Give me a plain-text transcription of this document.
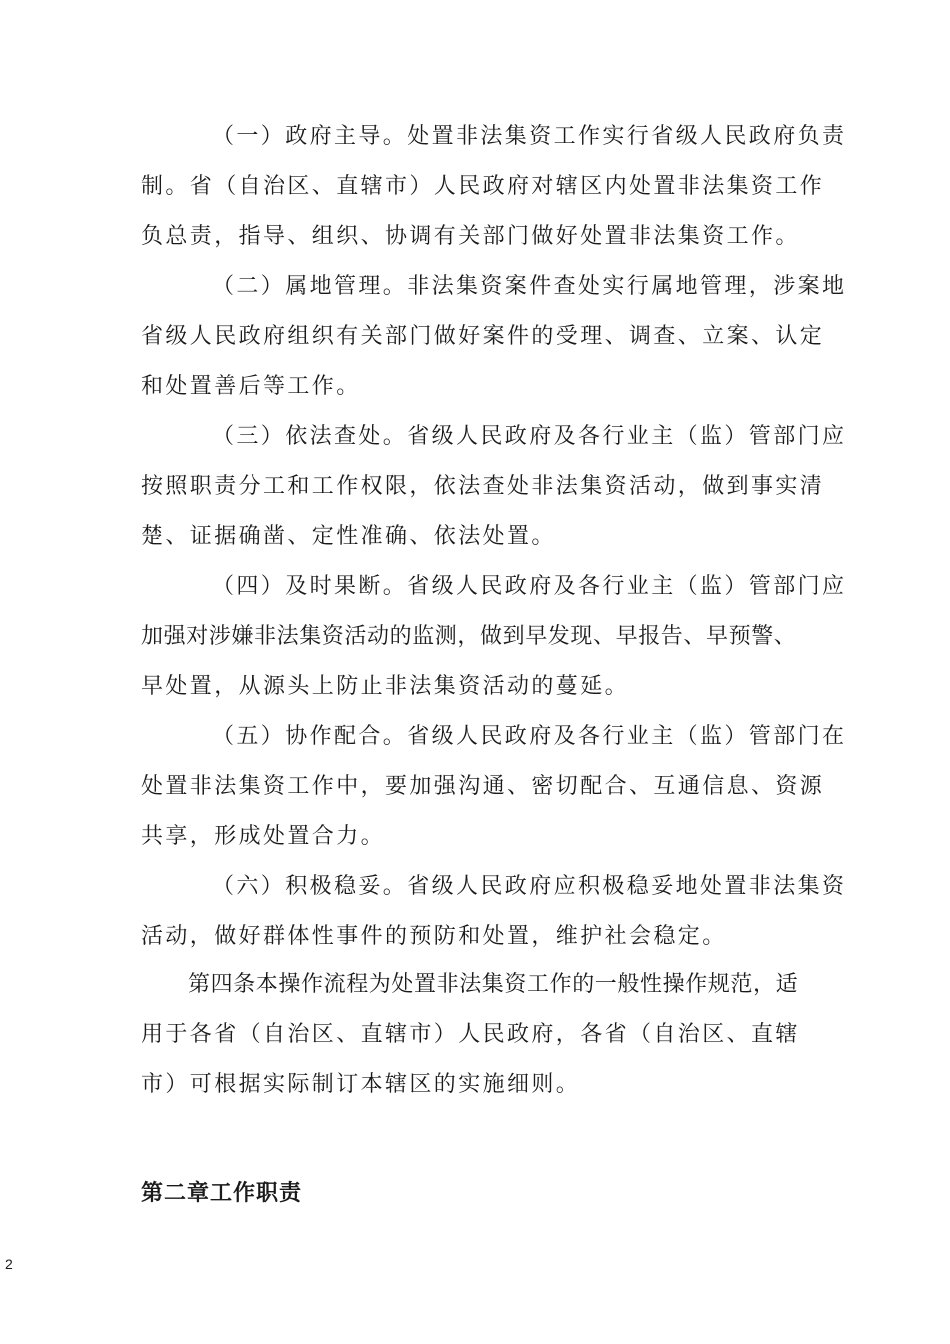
（一）政府主导。处置非法集资工作实行省级人民政府负责

制。省（自治区、直辖市）人民政府对辖区内处置非法集资工作

负总责，指导、组织、协调有关部门做好处置非法集资工作。

（二）属地管理。非法集资案件查处实行属地管理，涉案地

省级人民政府组织有关部门做好案件的受理、调查、立案、认定

和处置善后等工作。

（三）依法查处。省级人民政府及各行业主（监）管部门应

按照职责分工和工作权限，依法查处非法集资活动，做到事实清

楚、证据确凿、定性准确、依法处置。

（四）及时果断。省级人民政府及各行业主（监）管部门应

加强对涉嫌非法集资活动的监测，做到早发现、早报告、早预警、

早处置，从源头上防止非法集资活动的蔓延。

（五）协作配合。省级人民政府及各行业主（监）管部门在

处置非法集资工作中，要加强沟通、密切配合、互通信息、资源

共享，形成处置合力。

（六）积极稳妥。省级人民政府应积极稳妥地处置非法集资

活动，做好群体性事件的预防和处置，维护社会稳定。

第四条本操作流程为处置非法集资工作的一般性操作规范，适

用于各省（自治区、直辖市）人民政府，各省（自治区、直辖

市）可根据实际制订本辖区的实施细则。

第二章工作职责
2
